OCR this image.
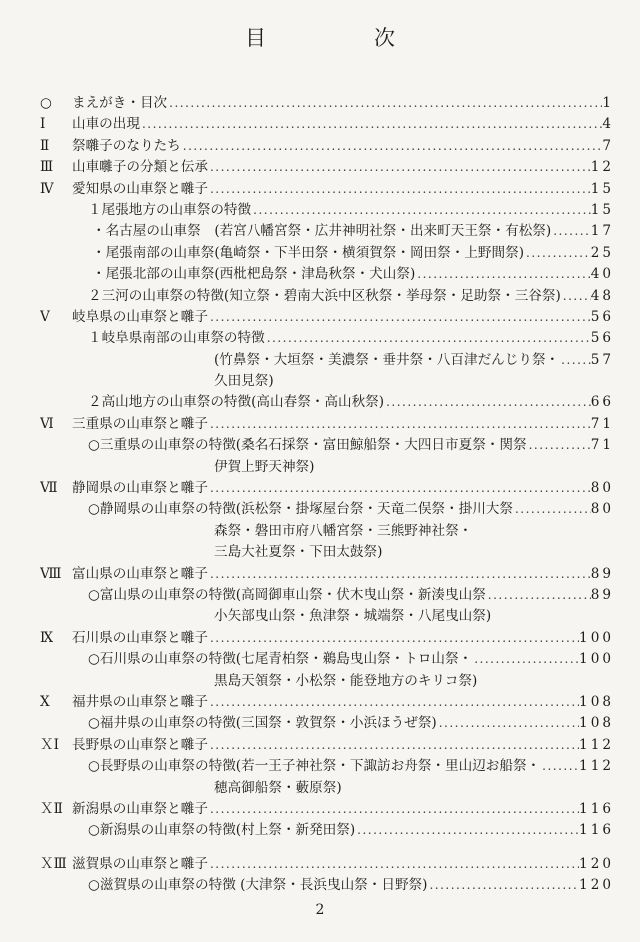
目	次
○	まえがき・目次 .....	1
Ⅰ	山車の出現 .....	4
Ⅱ	祭囃子のなりたち .....	7
Ⅲ	山車囃子の分類と伝承 .....	12
Ⅳ	愛知県の山車祭と囃子 .....	15
１尾張地方の山車祭の特徴 .....	15
・名古屋の山車祭　(若宮八幡宮祭・広井神明社祭・出来町天王祭・有松祭) .....	17
・尾張南部の山車祭(亀崎祭・下半田祭・横須賀祭・岡田祭・上野間祭) .....	25
・尾張北部の山車祭(西枇杷島祭・津島秋祭・犬山祭) .....	40
２三河の山車祭の特徴(知立祭・碧南大浜中区秋祭・挙母祭・足助祭・三谷祭) ..... 48
Ⅴ	岐阜県の山車祭と囃子 .....	56
１岐阜県南部の山車祭の特徴 .....	56
(竹鼻祭・大垣祭・美濃祭・垂井祭・八百津だんじり祭・ ..... 57
久田見祭)
２高山地方の山車祭の特徴(高山春祭・高山秋祭) .....	66
Ⅵ	三重県の山車祭と囃子 .....	71
○三重県の山車祭の特徴(桑名石採祭・富田鯨船祭・大四日市夏祭・関祭 .....	71
伊賀上野天神祭)
Ⅶ	静岡県の山車祭と囃子 .....	80
○静岡県の山車祭の特徴(浜松祭・掛塚屋台祭・天竜二俣祭・掛川大祭 .....	80
森祭・磐田市府八幡宮祭・三熊野神社祭・
三島大社夏祭・下田太鼓祭)
Ⅷ 富山県の山車祭と囃子 .....	89
○富山県の山車祭の特徴(高岡御車山祭・伏木曳山祭・新湊曳山祭 .....	89
小矢部曳山祭・魚津祭・城端祭・八尾曳山祭)
Ⅸ	石川県の山車祭と囃子 .....	100
○石川県の山車祭の特徴(七尾青柏祭・鵜島曳山祭・トロ山祭・ .....	100
黒島天領祭・小松祭・能登地方のキリコ祭)
Ⅹ	福井県の山車祭と囃子 .....	108
○福井県の山車祭の特徴(三国祭・敦賀祭・小浜ほうぜ祭) .....	108
ＸⅠ 長野県の山車祭と囃子 .....	112
○長野県の山車祭の特徴(若一王子神社祭・下諏訪お舟祭・里山辺お船祭・ .....	112
穂高御船祭・藪原祭)
ＸⅡ 新潟県の山車祭と囃子 .....	116
○新潟県の山車祭の特徴(村上祭・新発田祭) .....	116
ＸⅢ 滋賀県の山車祭と囃子 .....	120
○滋賀県の山車祭の特徴 (大津祭・長浜曳山祭・日野祭) .....	120
2
